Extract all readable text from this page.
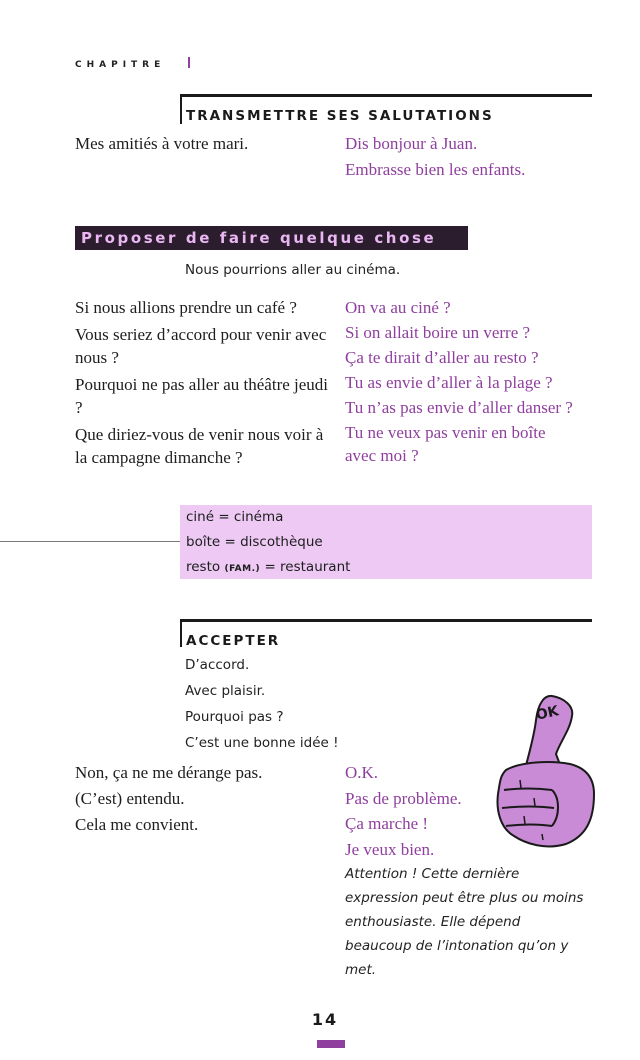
CHAPITRE
TRANSMETTRE SES SALUTATIONS
Mes amitiés à votre mari.	Dis bonjour à Juan.
Embrasse bien les enfants.
Proposer de faire quelque chose
Nous pourrions aller au cinéma.
Si nous allions prendre un café ?
Vous seriez d’accord pour venir avec nous ?
Pourquoi ne pas aller au théâtre jeudi ?
Que diriez-vous de venir nous voir à la campagne dimanche ?
On va au ciné ?
Si on allait boire un verre ?
Ça te dirait d’aller au resto ?
Tu as envie d’aller à la plage ?
Tu n’as pas envie d’aller danser ?
Tu ne veux pas venir en boîte avec moi ?
ciné = cinéma
boîte = discothèque
resto (FAM.) = restaurant
ACCEPTER
D’accord.
Avec plaisir.
Pourquoi pas ?
C’est une bonne idée !
Non, ça ne me dérange pas.
(C’est) entendu.
Cela me convient.
O.K.
Pas de problème.
Ça marche !
Je veux bien.
OK
Attention ! Cette dernière expression peut être plus ou moins enthousiaste. Elle dépend beaucoup de l’intonation qu’on y met.
14
